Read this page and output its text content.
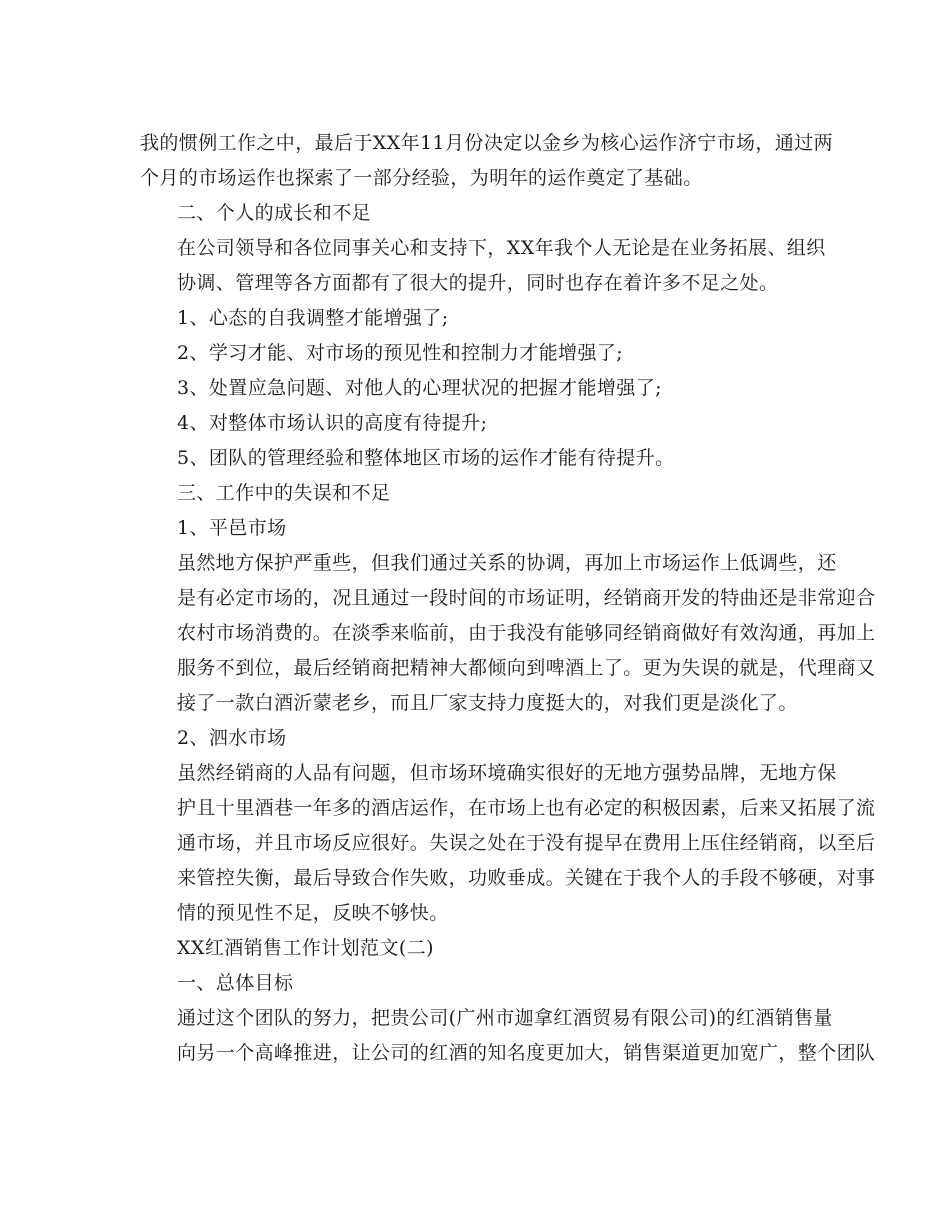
我的惯例工作之中，最后于XX年11月份决定以金乡为核心运作济宁市场，通过两
个月的市场运作也探索了一部分经验，为明年的运作奠定了基础。
二、个人的成长和不足
在公司领导和各位同事关心和支持下，XX年我个人无论是在业务拓展、组织
协调、管理等各方面都有了很大的提升，同时也存在着许多不足之处。
1、心态的自我调整才能增强了;
2、学习才能、对市场的预见性和控制力才能增强了;
3、处置应急问题、对他人的心理状况的把握才能增强了;
4、对整体市场认识的高度有待提升;
5、团队的管理经验和整体地区市场的运作才能有待提升。
三、工作中的失误和不足
1、平邑市场
虽然地方保护严重些，但我们通过关系的协调，再加上市场运作上低调些，还
是有必定市场的，况且通过一段时间的市场证明，经销商开发的特曲还是非常迎合
农村市场消费的。在淡季来临前，由于我没有能够同经销商做好有效沟通，再加上
服务不到位，最后经销商把精神大都倾向到啤酒上了。更为失误的就是，代理商又
接了一款白酒沂蒙老乡，而且厂家支持力度挺大的，对我们更是淡化了。
2、泗水市场
虽然经销商的人品有问题，但市场环境确实很好的无地方强势品牌，无地方保
护且十里酒巷一年多的酒店运作，在市场上也有必定的积极因素，后来又拓展了流
通市场，并且市场反应很好。失误之处在于没有提早在费用上压住经销商，以至后
来管控失衡，最后导致合作失败，功败垂成。关键在于我个人的手段不够硬，对事
情的预见性不足，反映不够快。
XX红酒销售工作计划范文(二)
一、总体目标
通过这个团队的努力，把贵公司(广州市迦拿红酒贸易有限公司)的红酒销售量
向另一个高峰推进，让公司的红酒的知名度更加大，销售渠道更加宽广，整个团队
